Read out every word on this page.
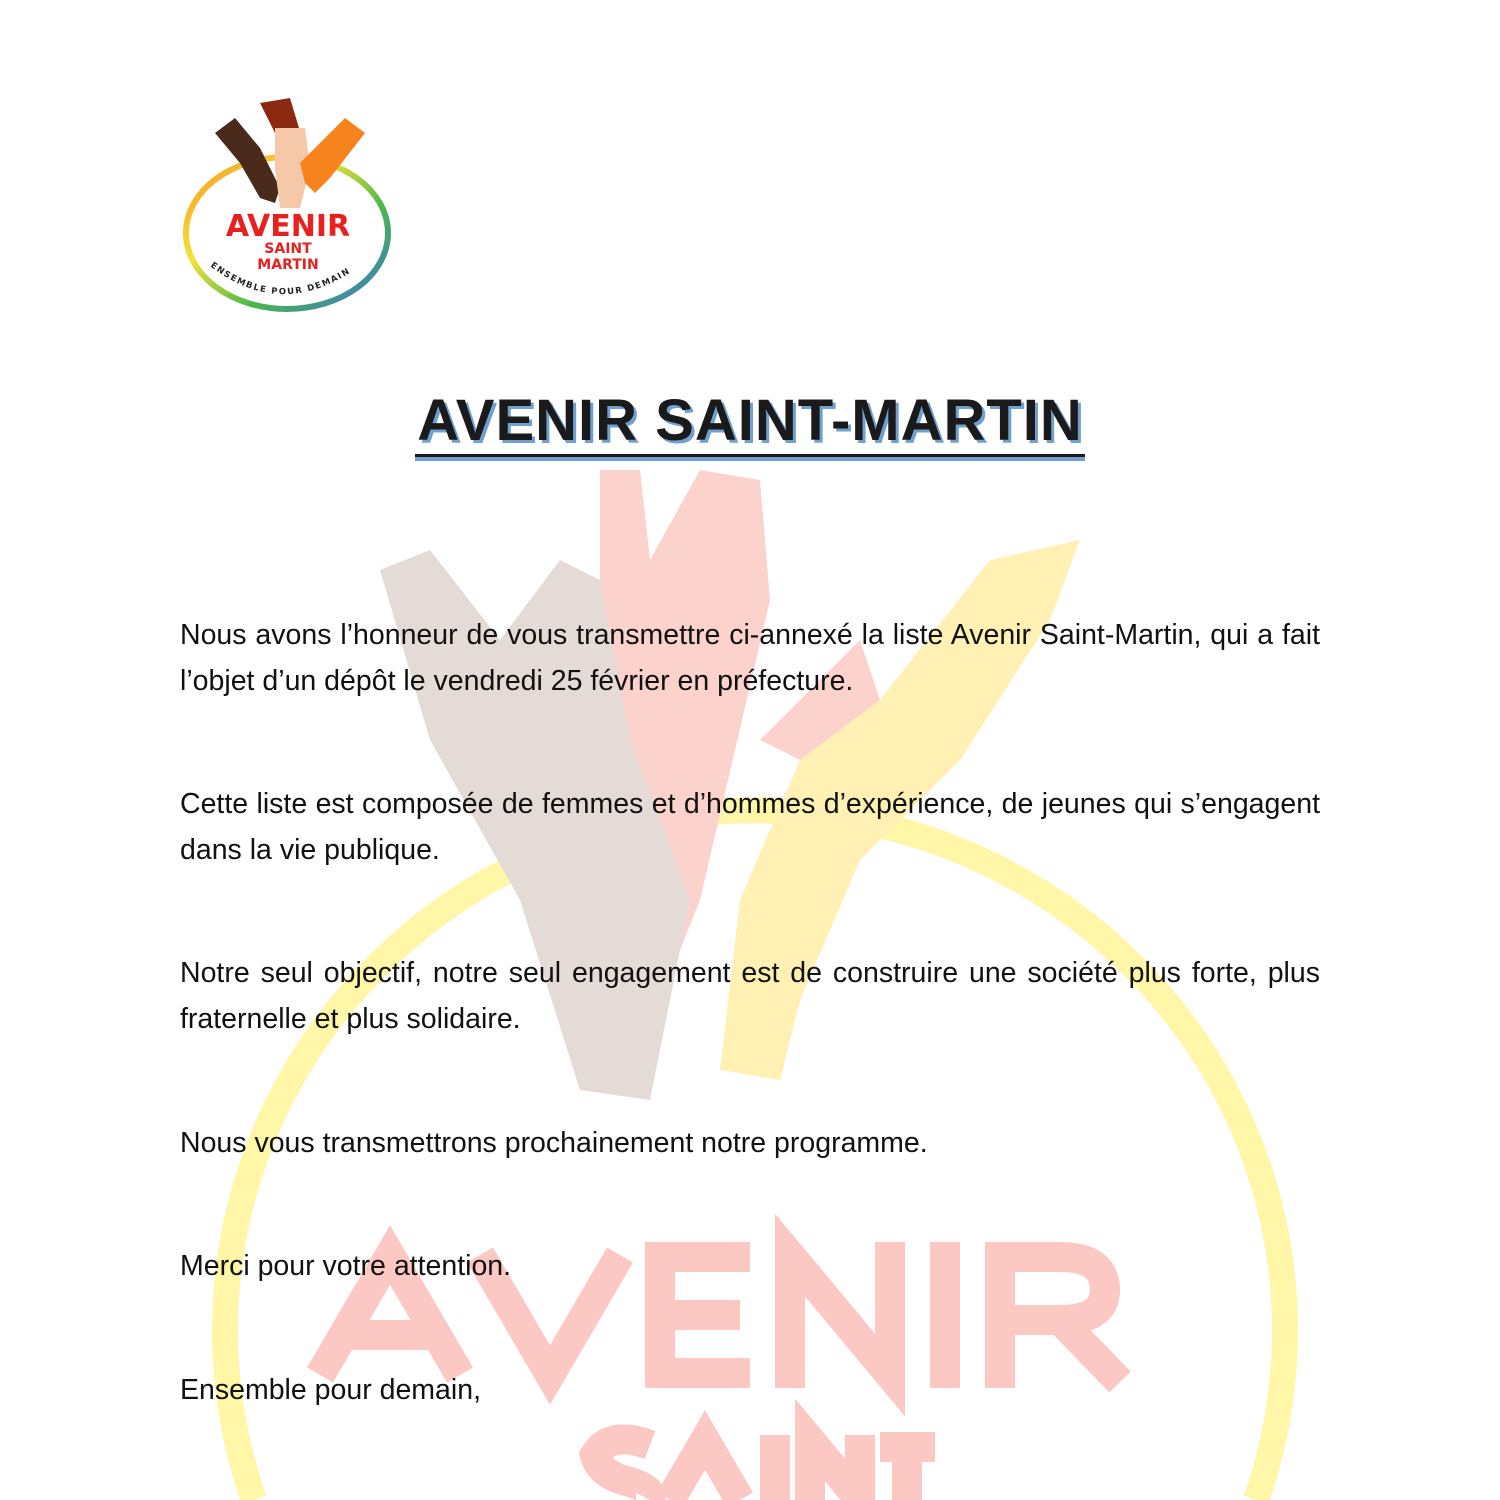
AVENIR
SAINT
MARTIN
ENSEMBLE POUR DEMAIN
AVENIR SAINT-MARTIN
Nous avons l’honneur de vous transmettre ci-annexé la liste Avenir Saint-Martin, qui a fait l’objet d’un dépôt le vendredi 25 février en préfecture.
Cette liste est composée de femmes et d’hommes d’expérience, de jeunes qui s’engagent dans la vie publique.
Notre seul objectif, notre seul engagement est de construire une société plus forte, plus fraternelle et plus solidaire.
Nous vous transmettrons prochainement notre programme.
Merci pour votre attention.
Ensemble pour demain,
